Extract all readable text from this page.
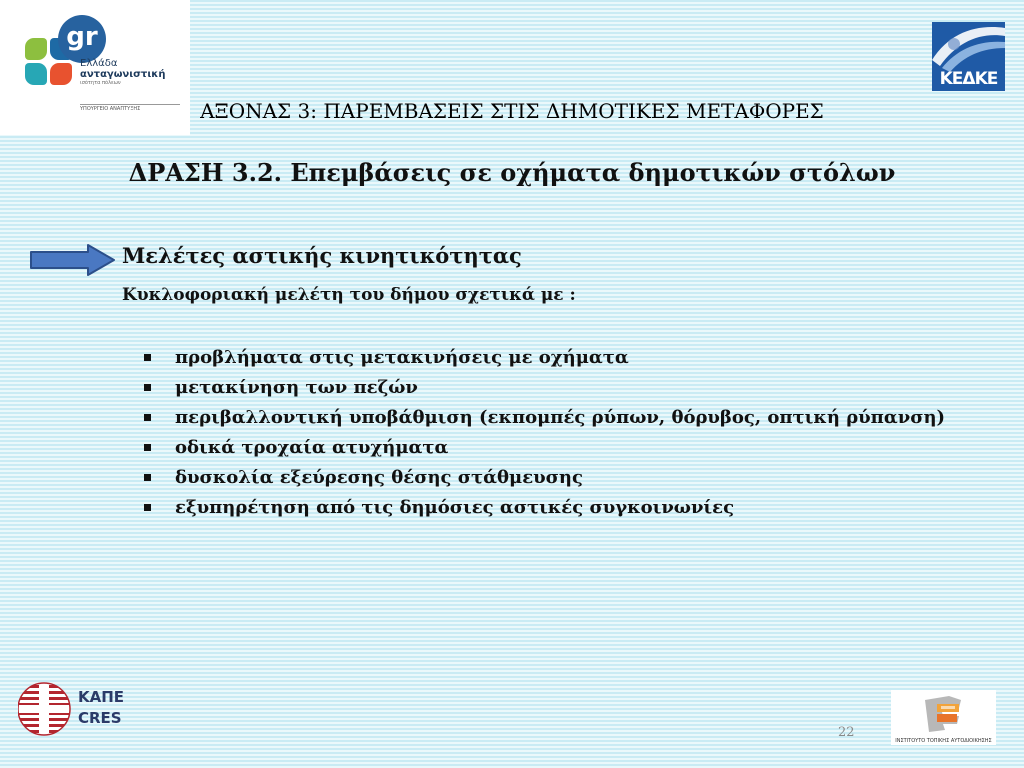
gr
Ελλάδα
ανταγωνιστική
ισότητα πόλεων
ΥΠΟΥΡΓΕΙΟ ΑΝΑΠΤΥΞΗΣ
ΚΕΔΚΕ
ΑΞΟΝΑΣ 3: ΠΑΡΕΜΒΑΣΕΙΣ ΣΤΙΣ ΔΗΜΟΤΙΚΕΣ ΜΕΤΑΦΟΡΕΣ
ΔΡΑΣΗ 3.2. Επεμβάσεις σε οχήματα δημοτικών στόλων
Μελέτες αστικής κινητικότητας
Κυκλοφοριακή μελέτη του δήμου σχετικά με :
προβλήματα στις μετακινήσεις με οχήματα
μετακίνηση των πεζών
περιβαλλοντική υποβάθμιση (εκπομπές ρύπων, θόρυβος, οπτική ρύπανση)
οδικά τροχαία ατυχήματα
δυσκολία εξεύρεσης θέσης στάθμευσης
εξυπηρέτηση από τις δημόσιες αστικές συγκοινωνίες
ΚΑΠΕ
CRES
ΙΝΣΤΙΤΟΥΤΟ ΤΟΠΙΚΗΣ ΑΥΤΟΔΙΟΙΚΗΣΗΣ
22
